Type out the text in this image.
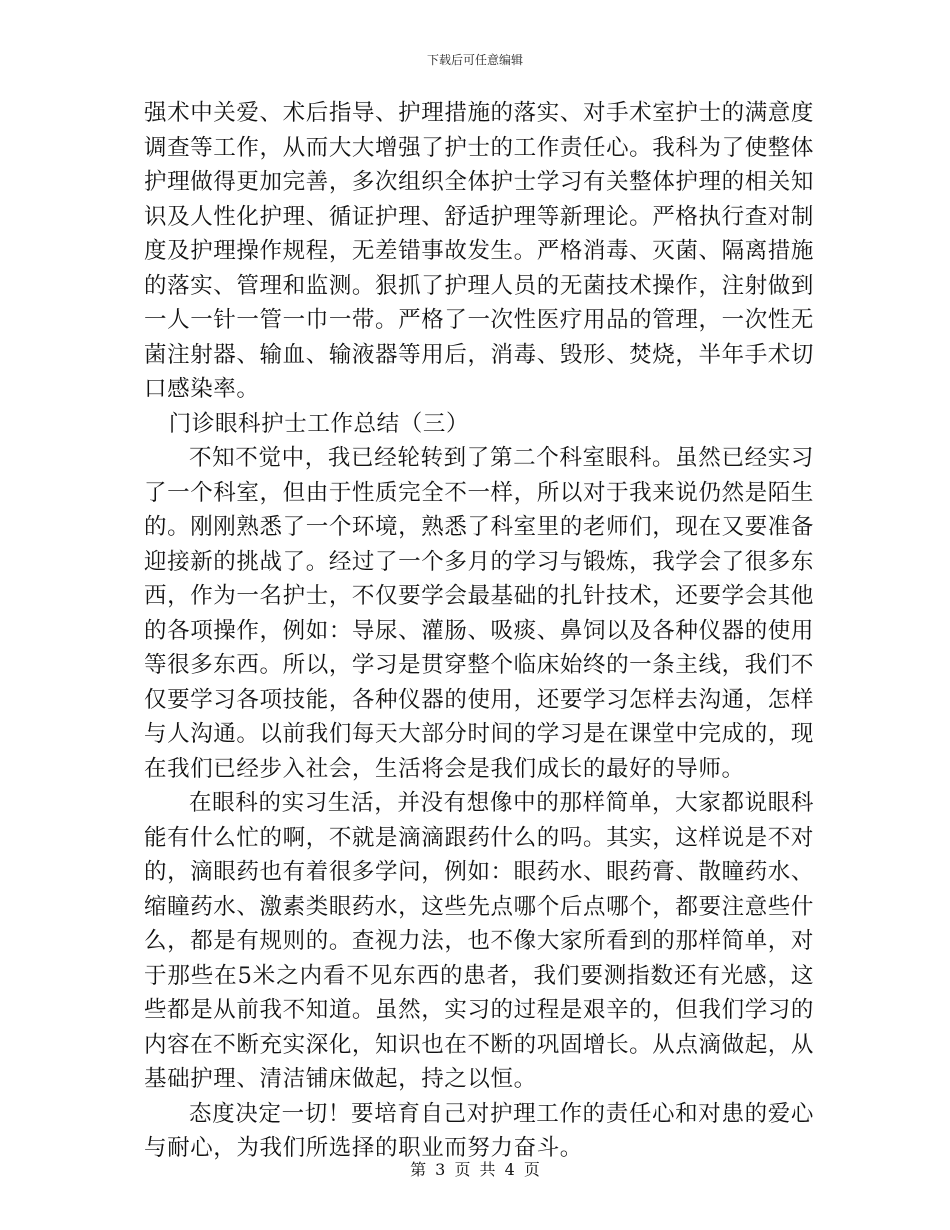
下载后可任意编辑

强术中关爱、术后指导、护理措施的落实、对手术室护士的满意度调查等工作，从而大大增强了护士的工作责任心。我科为了使整体护理做得更加完善，多次组织全体护士学习有关整体护理的相关知识及人性化护理、循证护理、舒适护理等新理论。严格执行查对制度及护理操作规程，无差错事故发生。严格消毒、灭菌、隔离措施的落实、管理和监测。狠抓了护理人员的无菌技术操作，注射做到一人一针一管一巾一带。严格了一次性医疗用品的管理，一次性无菌注射器、输血、输液器等用后，消毒、毁形、焚烧，半年手术切口感染率。

门诊眼科护士工作总结（三）

不知不觉中，我已经轮转到了第二个科室眼科。虽然已经实习了一个科室，但由于性质完全不一样，所以对于我来说仍然是陌生的。刚刚熟悉了一个环境，熟悉了科室里的老师们，现在又要准备迎接新的挑战了。经过了一个多月的学习与锻炼，我学会了很多东西，作为一名护士，不仅要学会最基础的扎针技术，还要学会其他的各项操作，例如：导尿、灌肠、吸痰、鼻饲以及各种仪器的使用等很多东西。所以，学习是贯穿整个临床始终的一条主线，我们不仅要学习各项技能，各种仪器的使用，还要学习怎样去沟通，怎样与人沟通。以前我们每天大部分时间的学习是在课堂中完成的，现在我们已经步入社会，生活将会是我们成长的最好的导师。

在眼科的实习生活，并没有想像中的那样简单，大家都说眼科能有什么忙的啊，不就是滴滴跟药什么的吗。其实，这样说是不对的，滴眼药也有着很多学问，例如：眼药水、眼药膏、散瞳药水、缩瞳药水、激素类眼药水，这些先点哪个后点哪个，都要注意些什么，都是有规则的。查视力法，也不像大家所看到的那样简单，对于那些在5米之内看不见东西的患者，我们要测指数还有光感，这些都是从前我不知道。虽然，实习的过程是艰辛的，但我们学习的内容在不断充实深化，知识也在不断的巩固增长。从点滴做起，从基础护理、清洁铺床做起，持之以恒。

态度决定一切！要培育自己对护理工作的责任心和对患的爱心与耐心，为我们所选择的职业而努力奋斗。

第 3 页 共 4 页
